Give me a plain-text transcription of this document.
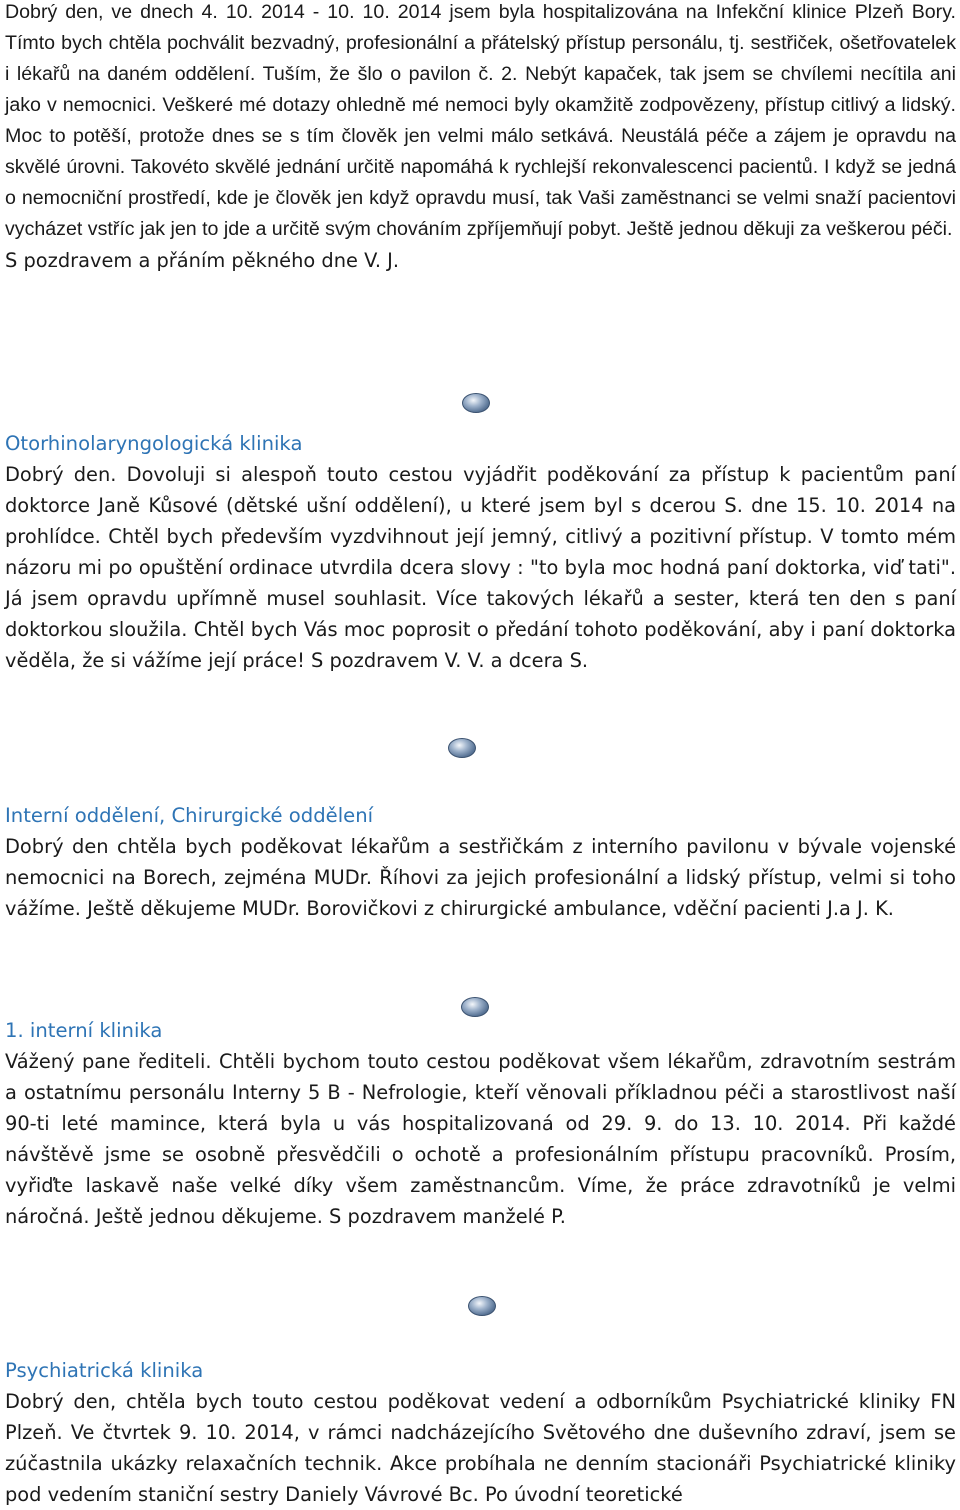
Dobrý den, ve dnech 4. 10. 2014 - 10. 10. 2014 jsem byla hospitalizována na Infekční klinice Plzeň Bory. Tímto bych chtěla pochválit bezvadný, profesionální a přátelský přístup personálu, tj. sestřiček, ošetřovatelek i lékařů na daném oddělení. Tuším, že šlo o pavilon č. 2. Nebýt kapaček, tak jsem se chvílemi necítila ani jako v nemocnici. Veškeré mé dotazy ohledně mé nemoci byly okamžitě zodpovězeny, přístup citlivý a lidský. Moc to potěší, protože dnes se s tím člověk jen velmi málo setkává. Neustálá péče a zájem je opravdu na skvělé úrovni. Takovéto skvělé jednání určitě napomáhá k rychlejší rekonvalescenci pacientů. I když se jedná o nemocniční prostředí, kde je člověk jen když opravdu musí, tak Vaši zaměstnanci se velmi snaží pacientovi vycházet vstříc jak jen to jde a určitě svým chováním zpříjemňují pobyt. Ještě jednou děkuji za veškerou péči.

S pozdravem a přáním pěkného dne V. J.

Otorhinolaryngologická klinika

Dobrý den. Dovoluji si alespoň touto cestou vyjádřit poděkování za přístup k pacientům paní doktorce Janě Kůsové (dětské ušní oddělení), u které jsem byl s dcerou S. dne 15. 10. 2014 na prohlídce. Chtěl bych především vyzdvihnout její jemný, citlivý a pozitivní přístup. V tomto mém názoru mi po opuštění ordinace utvrdila dcera slovy : "to byla moc hodná paní doktorka, viď tati". Já jsem opravdu upřímně musel souhlasit. Více takových lékařů a sester, která ten den s paní doktorkou sloužila. Chtěl bych Vás moc poprosit o předání tohoto poděkování, aby i paní doktorka věděla, že si vážíme její práce! S pozdravem V. V. a dcera S.

Interní oddělení, Chirurgické oddělení

Dobrý den chtěla bych poděkovat lékařům a sestřičkám z interního pavilonu v bývale vojenské nemocnici na Borech, zejména MUDr. Říhovi za jejich profesionální a lidský přístup, velmi si toho vážíme. Ještě děkujeme MUDr. Borovičkovi z chirurgické ambulance, vděční pacienti J.a J. K.

1. interní klinika

Vážený pane řediteli. Chtěli bychom touto cestou poděkovat všem lékařům, zdravotním sestrám a ostatnímu personálu Interny 5 B - Nefrologie, kteří věnovali příkladnou péči a starostlivost naší 90-ti leté mamince, která byla u vás hospitalizovaná od 29. 9. do 13. 10. 2014. Při každé návštěvě jsme se osobně přesvědčili o ochotě a profesionálním přístupu pracovníků. Prosím, vyřiďte laskavě naše velké díky všem zaměstnancům. Víme, že práce zdravotníků je velmi náročná. Ještě jednou děkujeme. S pozdravem manželé P.

Psychiatrická klinika

Dobrý den, chtěla bych touto cestou poděkovat vedení a odborníkům Psychiatrické kliniky FN Plzeň. Ve čtvrtek 9. 10. 2014, v rámci nadcházejícího Světového dne duševního zdraví, jsem se zúčastnila ukázky relaxačních technik. Akce probíhala ne denním stacionáři Psychiatrické kliniky pod vedením staniční sestry Daniely Vávrové Bc. Po úvodní teoretické
